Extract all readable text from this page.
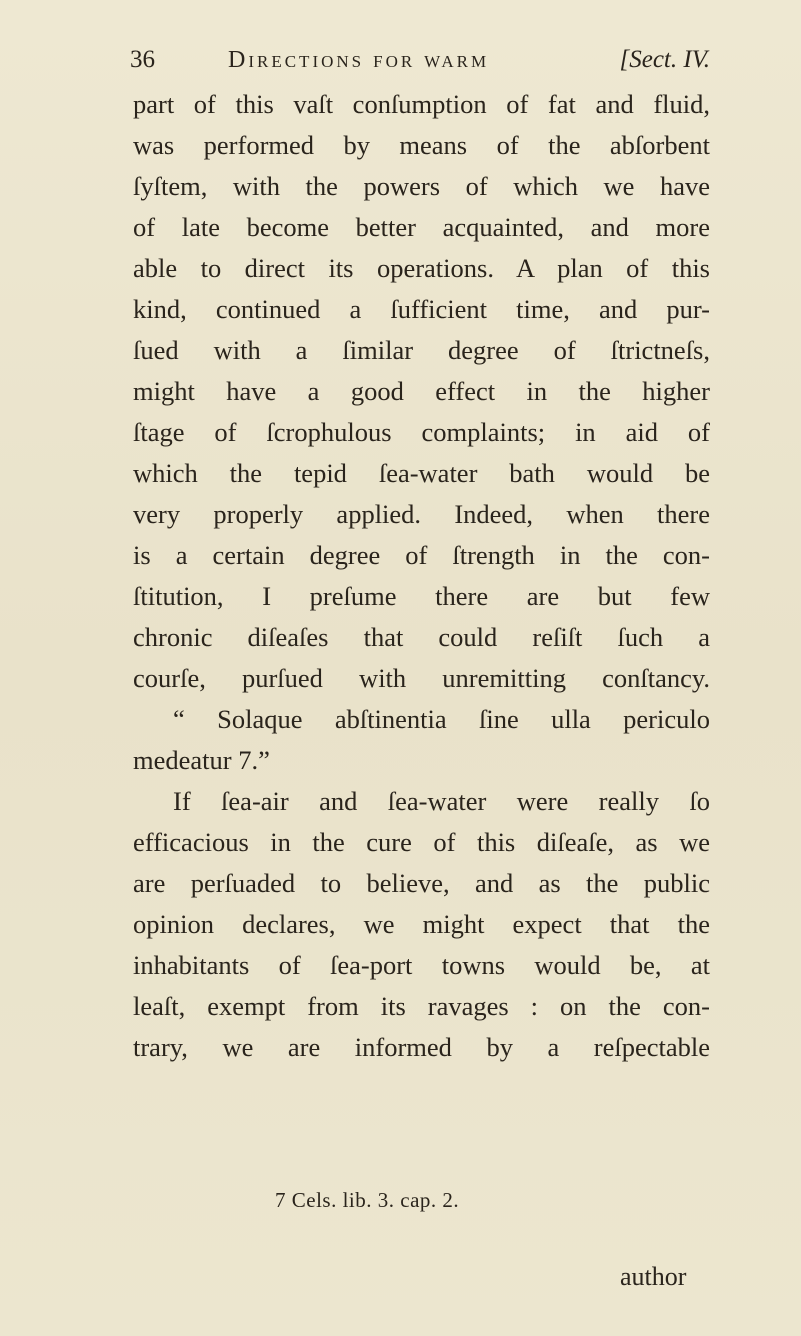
36	Directions for warm	[Sect. IV.
part of this vaſt conſumption of fat and fluid,
was performed by means of the abſorbent
ſyſtem, with the powers of which we have
of late become better acquainted, and more
able to direct its operations. A plan of this
kind, continued a ſufficient time, and pur-
ſued with a ſimilar degree of ſtrictneſs,
might have a good effect in the higher
ſtage of ſcrophulous complaints; in aid of
which the tepid ſea-water bath would be
very properly applied. Indeed, when there
is a certain degree of ſtrength in the con-
ſtitution, I preſume there are but few
chronic diſeaſes that could reſiſt ſuch a
courſe, purſued with unremitting conſtancy.
“ Solaque abſtinentia ſine ulla periculo
medeatur 7.”
If ſea-air and ſea-water were really ſo
efficacious in the cure of this diſeaſe, as we
are perſuaded to believe, and as the public
opinion declares, we might expect that the
inhabitants of ſea-port towns would be, at
leaſt, exempt from its ravages : on the con-
trary, we are informed by a reſpectable
7 Cels. lib. 3. cap. 2.
author
